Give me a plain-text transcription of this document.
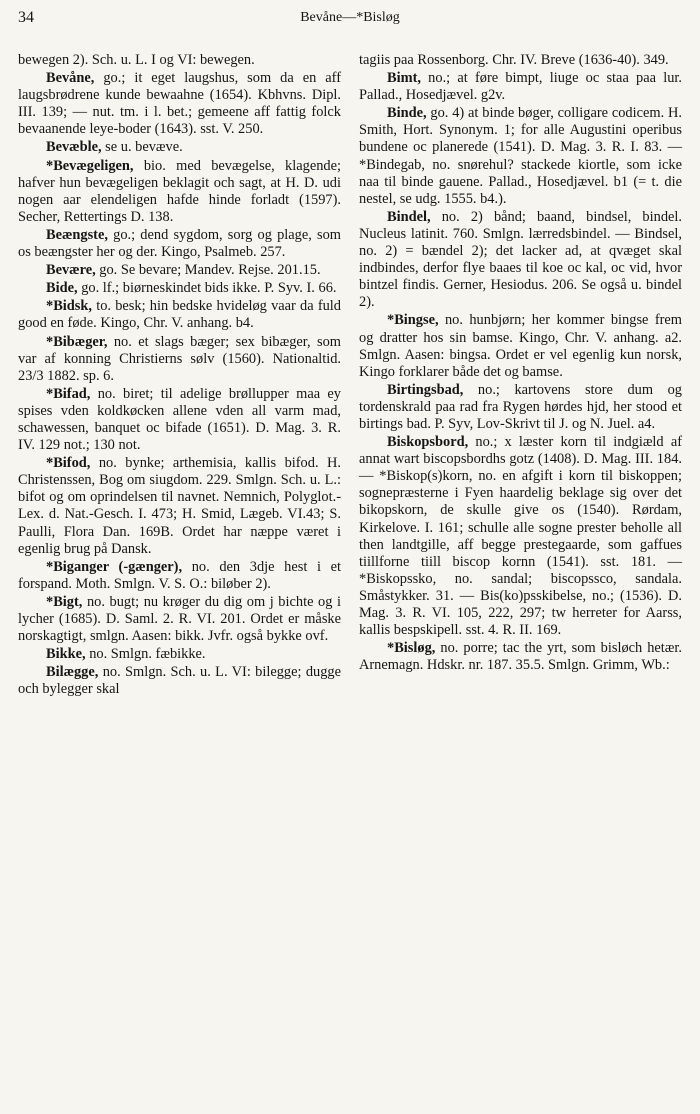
34	Bevåne—*Bisløg

bewegen 2). Sch. u. L. I og VI: bewegen.

Bevåne, go.; it eget laugshus, som da en aff laugsbrødrene kunde bewaahne (1654). Kbhvns. Dipl. III. 139; — nut. tm. i l. bet.; gemeene aff fattig folck bevaanende leye-boder (1643). sst. V. 250.

Bevæble, se u. bevæve.

*Bevægeligen, bio. med bevægelse, klagende; hafver hun bevægeligen beklagit och sagt, at H. D. udi nogen aar elendeligen hafde hinde forladt (1597). Secher, Rettertings D. 138.

Beængste, go.; dend sygdom, sorg og plage, som os beængster her og der. Kingo, Psalmeb. 257.

Bevære, go. Se bevare; Mandev. Rejse. 201.15.

Bide, go. lf.; biørneskindet bids ikke. P. Syv. I. 66.

*Bidsk, to. besk; hin bedske hvideløg vaar da fuld good en føde. Kingo, Chr. V. anhang. b4.

*Bibæger, no. et slags bæger; sex bibæger, som var af konning Christierns sølv (1560). Nationaltid. 23/3 1882. sp. 6.

*Bifad, no. biret; til adelige brøllupper maa ey spises vden koldkøcken allene vden all varm mad, schawessen, banquet oc bifade (1651). D. Mag. 3. R. IV. 129 not.; 130 not.

*Bifod, no. bynke; arthemisia, kallis bifod. H. Christenssen, Bog om siugdom. 229. Smlgn. Sch. u. L.: bifot og om oprindelsen til navnet. Nemnich, Polyglot.-Lex. d. Nat.-Gesch. I. 473; H. Smid, Lægeb. VI.43; S. Paulli, Flora Dan. 169B. Ordet har næppe været i egenlig brug på Dansk.

*Biganger (-gænger), no. den 3dje hest i et forspand. Moth. Smlgn. V. S. O.: biløber 2).

*Bigt, no. bugt; nu krøger du dig om j bichte og i lycher (1685). D. Saml. 2. R. VI. 201. Ordet er måske norskagtigt, smlgn. Aasen: bikk. Jvfr. også bykke ovf.

Bikke, no. Smlgn. fæbikke.

Bilægge, no. Smlgn. Sch. u. L. VI: bilegge; dugge och bylegger skal

tagiis paa Rossenborg. Chr. IV. Breve (1636-40). 349.

Bimt, no.; at føre bimpt, liuge oc staa paa lur. Pallad., Hosedjævel. g2v.

Binde, go. 4) at binde bøger, colligare codicem. H. Smith, Hort. Synonym. 1; for alle Augustini operibus bundene oc planerede (1541). D. Mag. 3. R. I. 83. — *Bindegab, no. snørehul? stackede kiortle, som icke naa til binde gauene. Pallad., Hosedjævel. b1 (= t. die nestel, se udg. 1555. b4.).

Bindel, no. 2) bånd; baand, bindsel, bindel. Nucleus latinit. 760. Smlgn. lærredsbindel. — Bindsel, no. 2) = bændel 2); det lacker ad, at qvæget skal indbindes, derfor flye baaes til koe oc kal, oc vid, hvor bintzel findis. Gerner, Hesiodus. 206. Se også u. bindel 2).

*Bingse, no. hunbjørn; her kommer bingse frem og dratter hos sin bamse. Kingo, Chr. V. anhang. a2. Smlgn. Aasen: bingsa. Ordet er vel egenlig kun norsk, Kingo forklarer både det og bamse.

Birtingsbad, no.; kartovens store dum og tordenskrald paa rad fra Rygen hørdes hjd, her stood et birtings bad. P. Syv, Lov-Skrivt til J. og N. Juel. a4.

Biskopsbord, no.; x læster korn til indgiæld af annat wart biscopsbordhs gotz (1408). D. Mag. III. 184. — *Biskop(s)korn, no. en afgift i korn til biskoppen; sognepræsterne i Fyen haardelig beklage sig over det bikopskorn, de skulle give os (1540). Rørdam, Kirkelove. I. 161; schulle alle sogne prester beholle all then landtgille, aff begge prestegaarde, som gaffues tiillforne tiill biscop kornn (1541). sst. 181. — *Biskopssko, no. sandal; biscopssco, sandala. Småstykker. 31. — Bis(ko)psskibelse, no.; (1536). D. Mag. 3. R. VI. 105, 222, 297; tw herreter for Aarss, kallis bespskipell. sst. 4. R. II. 169.

*Bisløg, no. porre; tac the yrt, som bisløch hetær. Arnemagn. Hdskr. nr. 187. 35.5. Smlgn. Grimm, Wb.:
